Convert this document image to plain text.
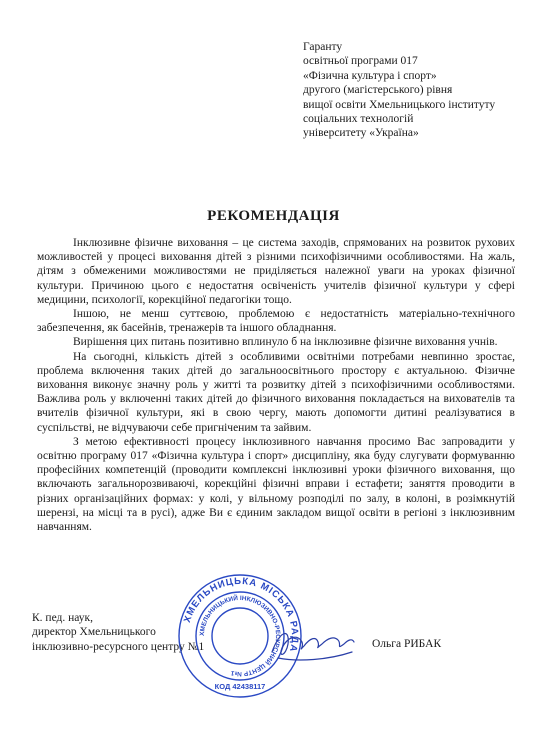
Гаранту
освітньої програми 017
«Фізична культура і спорт»
другого (магістерського) рівня
вищої освіти Хмельницького інституту
соціальних технологій
університету «Україна»
РЕКОМЕНДАЦІЯ

Інклюзивне фізичне виховання – це система заходів, спрямованих на розвиток рухових можливостей у процесі виховання дітей з різними психофізичними особливостями. На жаль, дітям з обмеженими можливостями не приділяється належної уваги на уроках фізичної культури. Причиною цього є недостатня освіченість учителів фізичної культури у сфері медицини, психології, корекційної педагогіки тощо.

Іншою, не менш суттєвою, проблемою є недостатність матеріально-технічного забезпечення, як басейнів, тренажерів та іншого обладнання.

Вирішення цих питань позитивно вплинуло б на інклюзивне фізичне виховання учнів.

На сьогодні, кількість дітей з особливими освітніми потребами невпинно зростає, проблема включення таких дітей до загальноосвітнього простору є актуальною. Фізичне виховання виконує значну роль у житті та розвитку дітей з психофізичними особливостями. Важлива роль у включенні таких дітей до фізичного виховання покладається на вихователів та вчителів фізичної культури, які в свою чергу, мають допомогти дитині реалізуватися в суспільстві, не відчуваючи себе пригніченим та зайвим.

З метою ефективності процесу інклюзивного навчання просимо Вас запровадити у освітню програму 017 «Фізична культура і спорт» дисципліну, яка буду слугувати формуванню професійних компетенцій (проводити комплексні інклюзивні уроки фізичного виховання, що включають загальнорозвиваючі, корекційні фізичні вправи і естафети; заняття проводити в різних організаційних формах: у колі, у вільному розподілі по залу, в колоні, в розімкнутій шерензі, на місці та в русі), адже Ви є єдиним закладом вищої освіти в регіоні з інклюзивним навчанням.

К. пед. наук,
директор Хмельницького
інклюзивно-ресурсного центру №1
ХМЕЛЬНИЦЬКА МІСЬКА РАДА
ХМЕЛЬНИЦЬКИЙ ІНКЛЮЗИВНО-РЕСУРСНИЙ ЦЕНТР №1
КОД 42438117
Ольга РИБАК
